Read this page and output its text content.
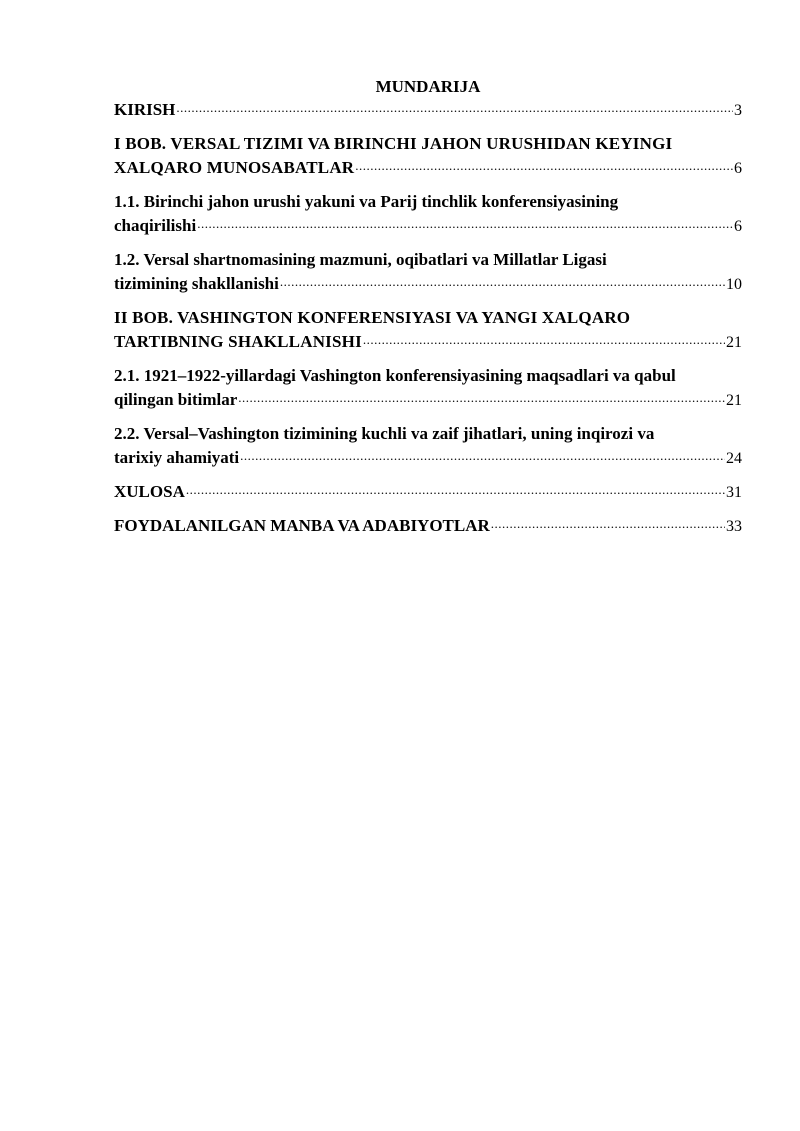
MUNDARIJA

KIRISH .....	3
I BOB. VERSAL TIZIMI VA BIRINCHI JAHON URUSHIDAN KEYINGI
XALQARO MUNOSABATLAR .....	6
1.1. Birinchi jahon urushi yakuni va Parij tinchlik konferensiyasining
chaqirilishi .....	6
1.2. Versal shartnomasining mazmuni, oqibatlari va Millatlar Ligasi
tizimining shakllanishi .....	10
II BOB. VASHINGTON KONFERENSIYASI VA YANGI XALQARO
TARTIBNING SHAKLLANISHI .....	21
2.1. 1921–1922-yillardagi Vashington konferensiyasining maqsadlari va qabul
qilingan bitimlar .....	21
2.2. Versal–Vashington tizimining kuchli va zaif jihatlari, uning inqirozi va
tarixiy ahamiyati .....	24
XULOSA .....	31
FOYDALANILGAN MANBA VA ADABIYOTLAR .....	33
